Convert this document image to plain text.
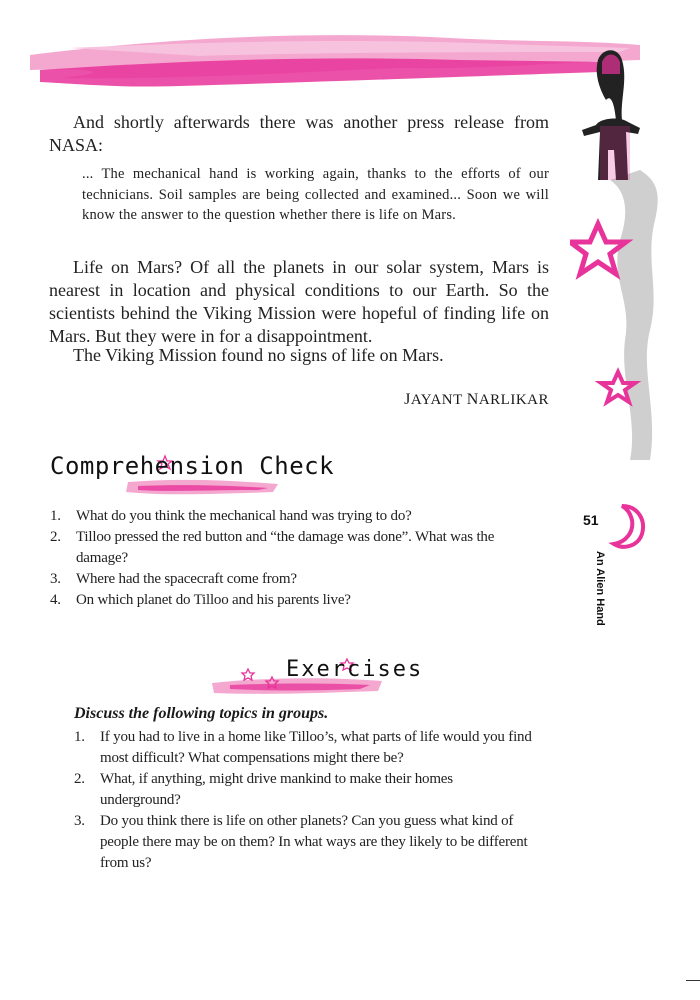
And shortly afterwards there was another press release from NASA:
... The mechanical hand is working again, thanks to the efforts of our technicians. Soil samples are being collected and examined... Soon we will know the answer to the question whether there is life on Mars.
Life on Mars? Of all the planets in our solar system, Mars is nearest in location and physical conditions to our Earth. So the scientists behind the Viking Mission were hopeful of finding life on Mars. But they were in for a disappointment.
The Viking Mission found no signs of life on Mars.
JAYANT NARLIKAR
Comprehension Check
1. What do you think the mechanical hand was trying to do?
2. Tilloo pressed the red button and “the damage was done”. What was the damage?
3. Where had the spacecraft come from?
4. On which planet do Tilloo and his parents live?
Exercises
Discuss the following topics in groups.
1. If you had to live in a home like Tilloo’s, what parts of life would you find most difficult? What compensations might there be?
2. What, if anything, might drive mankind to make their homes underground?
3. Do you think there is life on other planets? Can you guess what kind of people there may be on them? In what ways are they likely to be different from us?
51
An Alien Hand
